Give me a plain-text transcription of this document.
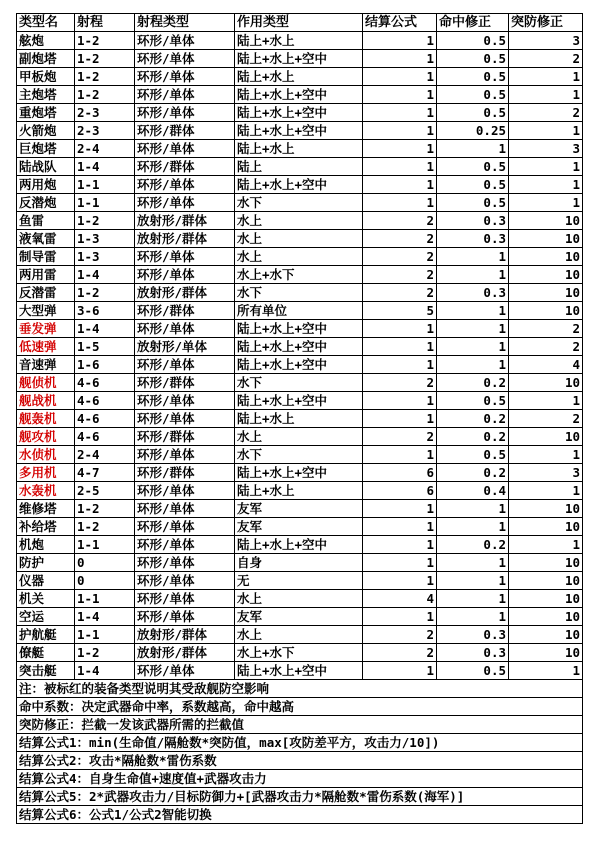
类型名	射程	射程类型	作用类型	结算公式	命中修正	突防修正
舷炮	1-2	环形/单体	陆上+水上	1	0.5	3
副炮塔	1-2	环形/单体	陆上+水上+空中	1	0.5	2
甲板炮	1-2	环形/单体	陆上+水上	1	0.5	1
主炮塔	1-2	环形/单体	陆上+水上+空中	1	0.5	1
重炮塔	2-3	环形/单体	陆上+水上+空中	1	0.5	2
火箭炮	2-3	环形/群体	陆上+水上+空中	1	0.25	1
巨炮塔	2-4	环形/单体	陆上+水上	1	1	3
陆战队	1-4	环形/群体	陆上	1	0.5	1
两用炮	1-1	环形/单体	陆上+水上+空中	1	0.5	1
反潜炮	1-1	环形/单体	水下	1	0.5	1
鱼雷	1-2	放射形/群体	水上	2	0.3	10
液氧雷	1-3	放射形/群体	水上	2	0.3	10
制导雷	1-3	环形/单体	水上	2	1	10
两用雷	1-4	环形/单体	水上+水下	2	1	10
反潜雷	1-2	放射形/群体	水下	2	0.3	10
大型弹	3-6	环形/群体	所有单位	5	1	10
垂发弹	1-4	环形/单体	陆上+水上+空中	1	1	2
低速弹	1-5	放射形/单体	陆上+水上+空中	1	1	2
音速弹	1-6	环形/单体	陆上+水上+空中	1	1	4
舰侦机	4-6	环形/群体	水下	2	0.2	10
舰战机	4-6	环形/单体	陆上+水上+空中	1	0.5	1
舰轰机	4-6	环形/单体	陆上+水上	1	0.2	2
舰攻机	4-6	环形/群体	水上	2	0.2	10
水侦机	2-4	环形/单体	水下	1	0.5	1
多用机	4-7	环形/群体	陆上+水上+空中	6	0.2	3
水轰机	2-5	环形/单体	陆上+水上	6	0.4	1
维修塔	1-2	环形/单体	友军	1	1	10
补给塔	1-2	环形/单体	友军	1	1	10
机炮	1-1	环形/单体	陆上+水上+空中	1	0.2	1
防护	0	环形/单体	自身	1	1	10
仪器	0	环形/单体	无	1	1	10
机关	1-1	环形/单体	水上	4	1	10
空运	1-4	环形/单体	友军	1	1	10
护航艇	1-1	放射形/群体	水上	2	0.3	10
僚艇	1-2	放射形/群体	水上+水下	2	0.3	10
突击艇	1-4	环形/单体	陆上+水上+空中	1	0.5	1
注：被标红的装备类型说明其受敌舰防空影响						
命中系数：决定武器命中率，系数越高，命中越高						
突防修正：拦截一发该武器所需的拦截值						
结算公式1：min(生命值/隔舱数*突防值，max[攻防差平方，攻击力/10])						
结算公式2：攻击*隔舱数*雷伤系数						
结算公式4：自身生命值+速度值+武器攻击力						
结算公式5：2*武器攻击力/目标防御力+[武器攻击力*隔舱数*雷伤系数(海军)]						
结算公式6：公式1/公式2智能切换						
